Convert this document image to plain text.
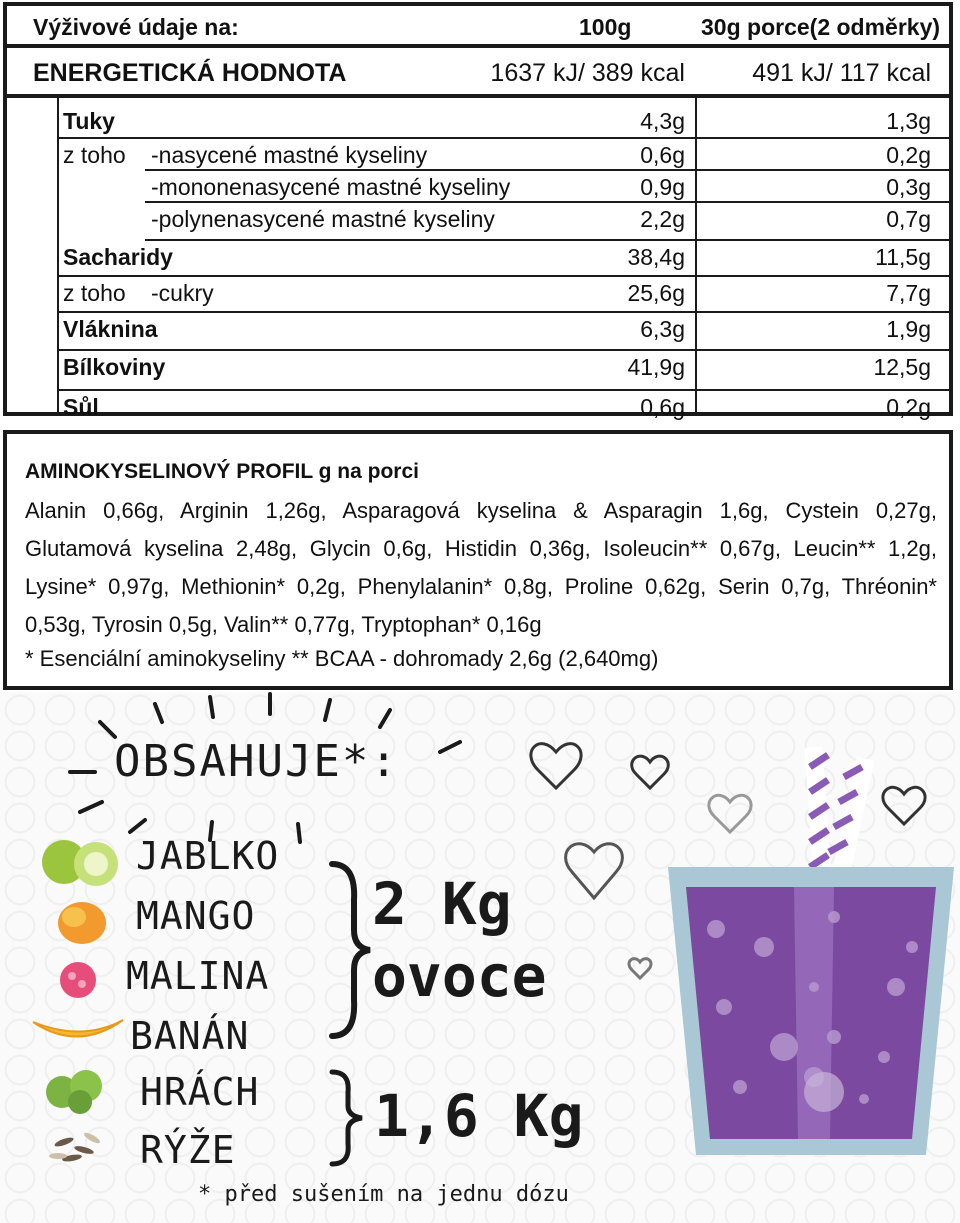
Výživové údaje na:	100g	30g porce(2 odměrky)
ENERGETICKÁ HODNOTA	1637 kJ/ 389 kcal	491 kJ/ 117 kcal
Tuky	4,3g	1,3g
z toho -nasycené mastné kyseliny	0,6g	0,2g
-mononenasycené mastné kyseliny	0,9g	0,3g
-polynenasycené mastné kyseliny	2,2g	0,7g
Sacharidy	38,4g	11,5g
z toho -cukry	25,6g	7,7g
Vláknina	6,3g	1,9g
Bílkoviny	41,9g	12,5g
Sůl	0,6g	0,2g
AMINOKYSELINOVÝ PROFIL g na porci
Alanin 0,66g, Arginin 1,26g, Asparagová kyselina & Asparagin 1,6g, Cystein 0,27g, Glutamová kyselina 2,48g, Glycin 0,6g, Histidin 0,36g, Isoleucin** 0,67g, Leucin** 1,2g, Lysine* 0,97g, Methionin* 0,2g, Phenylalanin* 0,8g, Proline 0,62g, Serin 0,7g, Thréonin* 0,53g, Tyrosin 0,5g, Valin** 0,77g, Tryptophan* 0,16g
* Esenciální aminokyseliny ** BCAA - dohromady 2,6g (2,640mg)
OBSAHUJE*:
JABLKO
MANGO
MALINA
BANÁN
HRÁCH
RÝŽE
2 Kg
ovoce
1,6 Kg
* před sušením na jednu dózu
